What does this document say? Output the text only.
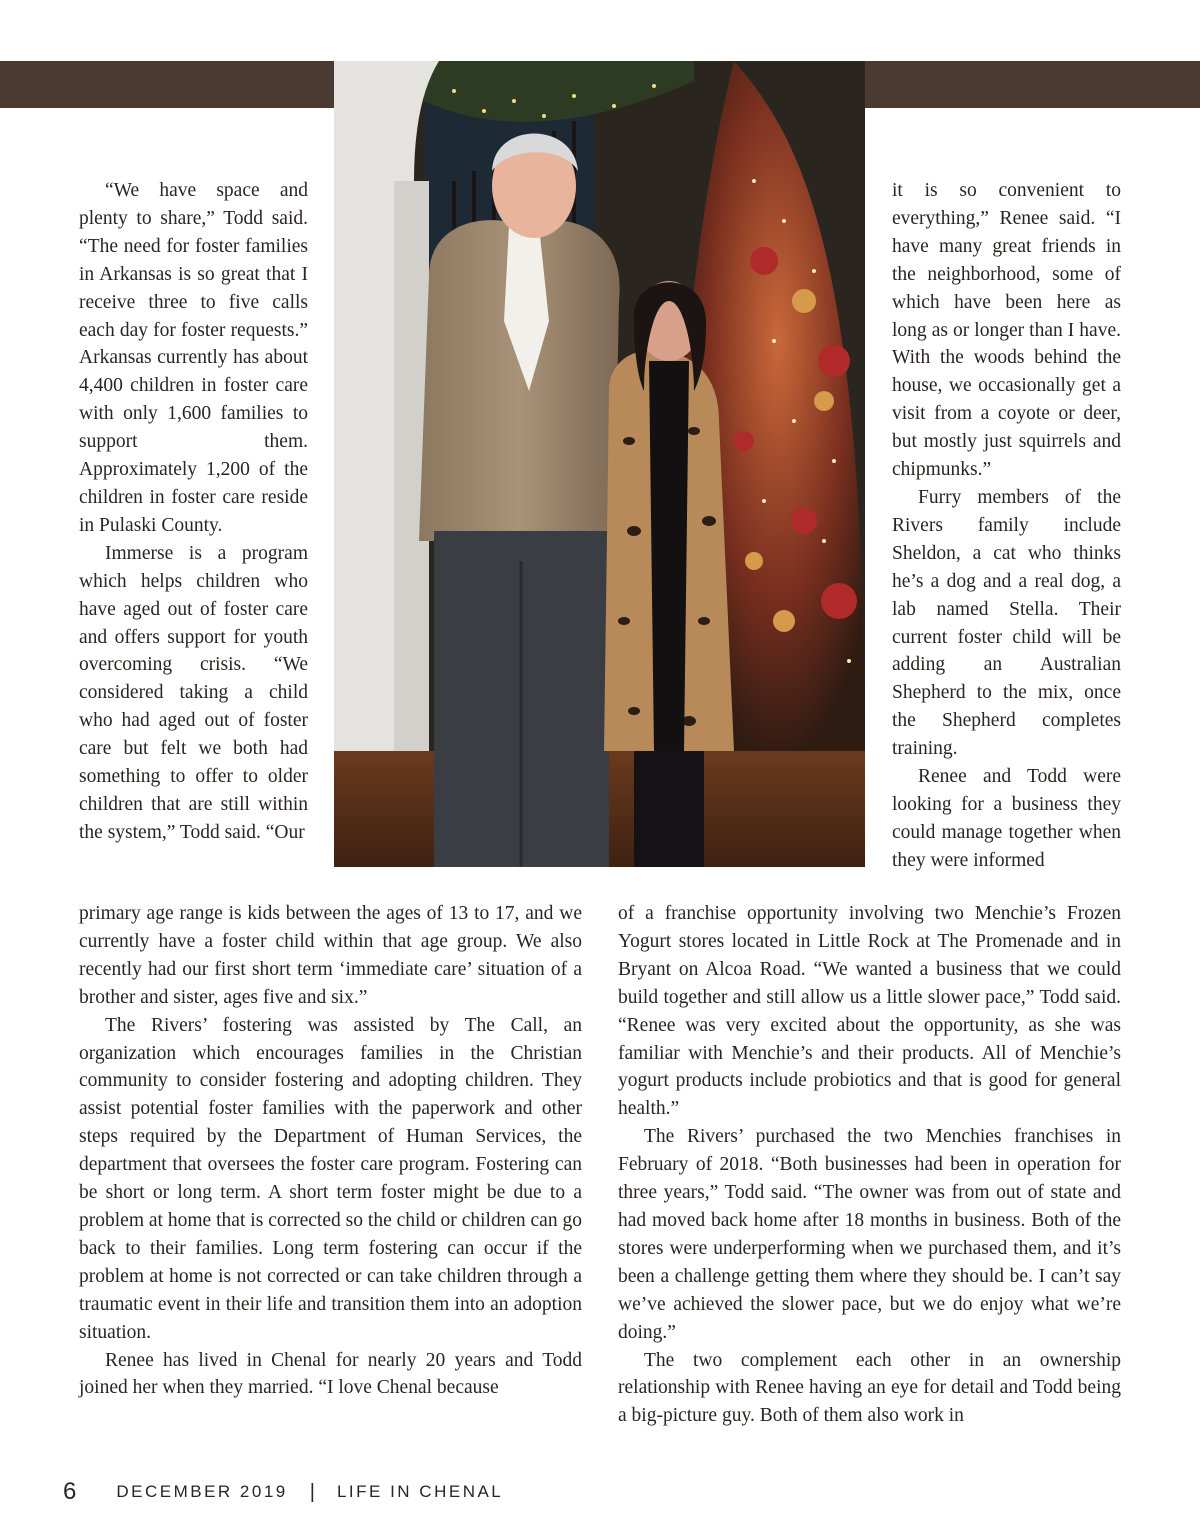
“We have space and plenty to share,” Todd said. “The need for foster families in Arkansas is so great that I receive three to five calls each day for foster requests.” Arkansas currently has about 4,400 children in foster care with only 1,600 families to support them. Approximately 1,200 of the children in foster care reside in Pulaski County.

Immerse is a program which helps children who have aged out of foster care and offers support for youth overcoming crisis. “We considered taking a child who had aged out of foster care but felt we both had something to offer to older children that are still within the system,” Todd said. “Our

it is so convenient to everything,” Renee said. “I have many great friends in the neighborhood, some of which have been here as long as or longer than I have. With the woods behind the house, we occasionally get a visit from a coyote or deer, but mostly just squirrels and chipmunks.”

Furry members of the Rivers family include Sheldon, a cat who thinks he’s a dog and a real dog, a lab named Stella. Their current foster child will be adding an Australian Shepherd to the mix, once the Shepherd completes training.

Renee and Todd were looking for a business they could manage together when they were informed

primary age range is kids between the ages of 13 to 17, and we currently have a foster child within that age group. We also recently had our first short term ‘immediate care’ situation of a brother and sister, ages five and six.”

The Rivers’ fostering was assisted by The Call, an organization which encourages families in the Christian community to consider fostering and adopting children. They assist potential foster families with the paperwork and other steps required by the Department of Human Services, the department that oversees the foster care program. Fostering can be short or long term. A short term foster might be due to a problem at home that is corrected so the child or children can go back to their families. Long term fostering can occur if the problem at home is not corrected or can take children through a traumatic event in their life and transition them into an adoption situation.

Renee has lived in Chenal for nearly 20 years and Todd joined her when they married. “I love Chenal because

of a franchise opportunity involving two Menchie’s Frozen Yogurt stores located in Little Rock at The Promenade and in Bryant on Alcoa Road. “We wanted a business that we could build together and still allow us a little slower pace,” Todd said. “Renee was very excited about the opportunity, as she was familiar with Menchie’s and their products. All of Menchie’s yogurt products include probiotics and that is good for general health.”

The Rivers’ purchased the two Menchies franchises in February of 2018. “Both businesses had been in operation for three years,” Todd said. “The owner was from out of state and had moved back home after 18 months in business. Both of the stores were underperforming when we purchased them, and it’s been a challenge getting them where they should be. I can’t say we’ve achieved the slower pace, but we do enjoy what we’re doing.”

The two complement each other in an ownership relationship with Renee having an eye for detail and Todd being a big-picture guy. Both of them also work in

6 DECEMBER 2019 | LIFE IN CHENAL
